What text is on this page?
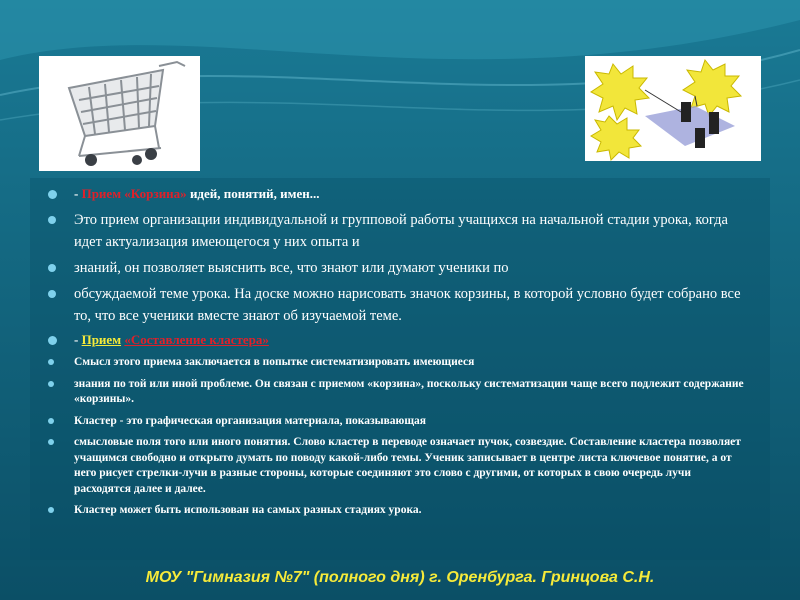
- Прием «Корзина» идей, понятий, имен...
Это прием организации индивидуальной и групповой работы учащихся на начальной стадии урока, когда идет актуализация имеющегося у них опыта и
знаний, он позволяет выяснить все, что знают или думают ученики по
обсуждаемой теме урока. На доске можно нарисовать значок корзины, в которой условно будет собрано все то, что все ученики вместе знают об изучаемой теме.
- Прием «Составление кластера»
Смысл этого приема заключается в попытке систематизировать имеющиеся
знания по той или иной проблеме. Он связан с приемом «корзина», поскольку систематизации чаще всего подлежит содержание «корзины».
Кластер - это графическая организация материала, показывающая
смысловые поля того или иного понятия. Слово кластер в переводе означает пучок, созвездие. Составление кластера позволяет учащимся свободно и открыто думать по поводу какой-либо темы. Ученик записывает в центре листа ключевое понятие, а от него рисует стрелки-лучи в разные стороны, которые соединяют это слово с другими, от которых в свою очередь лучи расходятся далее и далее.
Кластер может быть использован на самых разных стадиях урока.
МОУ "Гимназия №7" (полного дня) г. Оренбурга. Гринцова С.Н.
